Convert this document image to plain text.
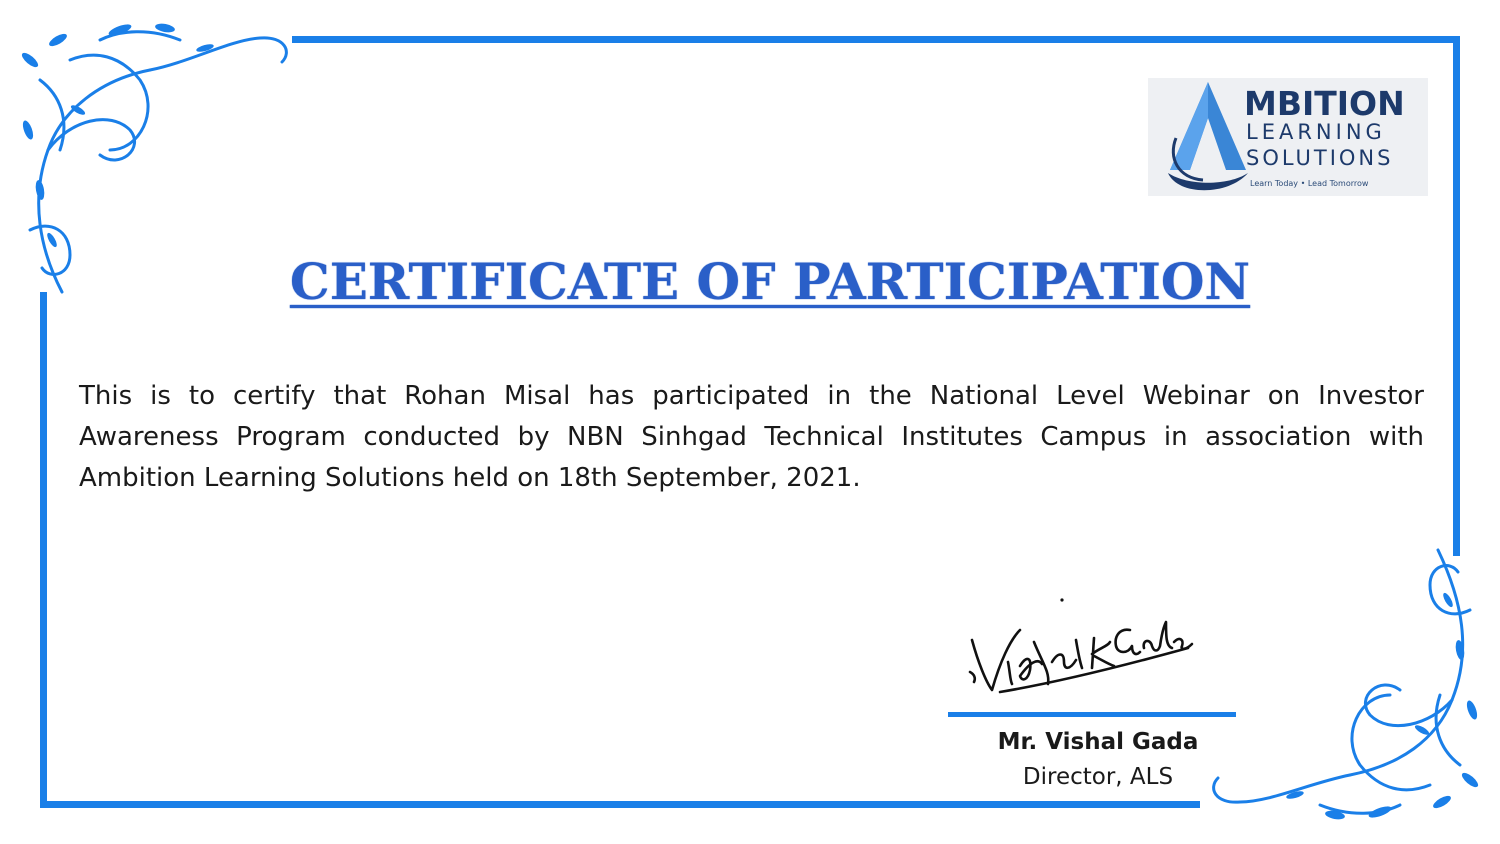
MBITION
LEARNING
SOLUTIONS
Learn Today • Lead Tomorrow
CERTIFICATE OF PARTICIPATION
This is to certify that Rohan Misal has participated in the National Level Webinar on Investor Awareness Program conducted by NBN Sinhgad Technical Institutes Campus in association with Ambition Learning Solutions held on 18th September, 2021.
Mr. Vishal Gada
Director, ALS
